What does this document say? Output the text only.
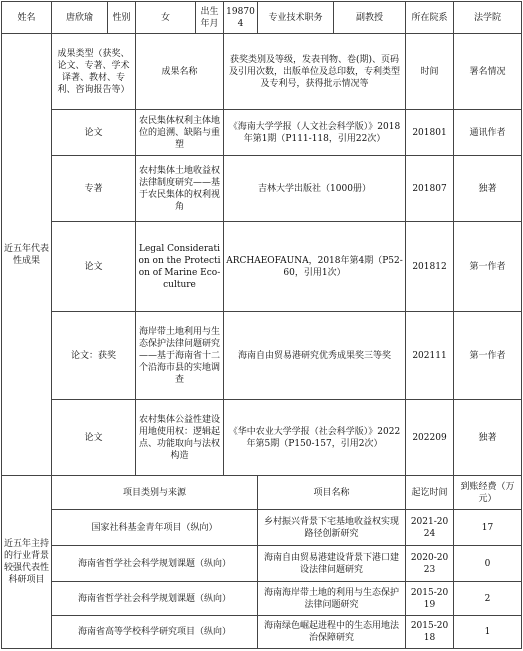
姓名	唐欣瑜	性别	女	出生年月	198704	专业技术职务	副教授	所在院系	法学院
近五年代表性成果	成果类型（获奖、论文、专著、学术译著、教材、专利、咨询报告等）		成果名称		获奖类别及等级，发表刊物、卷(期)、页码及引用次数，出版单位及总印数，专利类型及专利号，获得批示情况等			时间	署名情况
	论文		农民集体权利主体地位的追溯、缺陷与重塑		《海南大学学报（人文社会科学版）》2018年第1期（P111-118，引用22次）			201801	通讯作者
	专著		农村集体土地收益权法律制度研究——基于农民集体的权利视角		吉林大学出版社（1000册）			201807	独著
	论文		Legal Consideration on the Protection of Marine Eco-culture		ARCHAEOFAUNA，2018年第4期（P52-60，引用1次）			201812	第一作者
	论文：获奖		海岸带土地利用与生态保护法律问题研究——基于海南省十二个沿海市县的实地调查		海南自由贸易港研究优秀成果奖三等奖			202111	第一作者
	论文		农村集体公益性建设用地使用权：逻辑起点、功能取向与法权构造		《华中农业大学学报（社会科学版）》2022年第5期（P150-157，引用2次）			202209	独著
近五年主持的行业背景较强代表性科研项目	项目类别与来源					项目名称		起讫时间	到账经费（万元）
	国家社科基金青年项目（纵向）					乡村振兴背景下宅基地收益权实现路径创新研究		2021-2024	17
	海南省哲学社会科学规划课题（纵向）					海南自由贸易港建设背景下港口建设法律问题研究		2020-2023	0
	海南省哲学社会科学规划课题（纵向）					海南海岸带土地的利用与生态保护法律问题研究		2015-2019	2
	海南省高等学校科学研究项目（纵向）					海南绿色崛起进程中的生态用地法治保障研究		2015-2018	1
